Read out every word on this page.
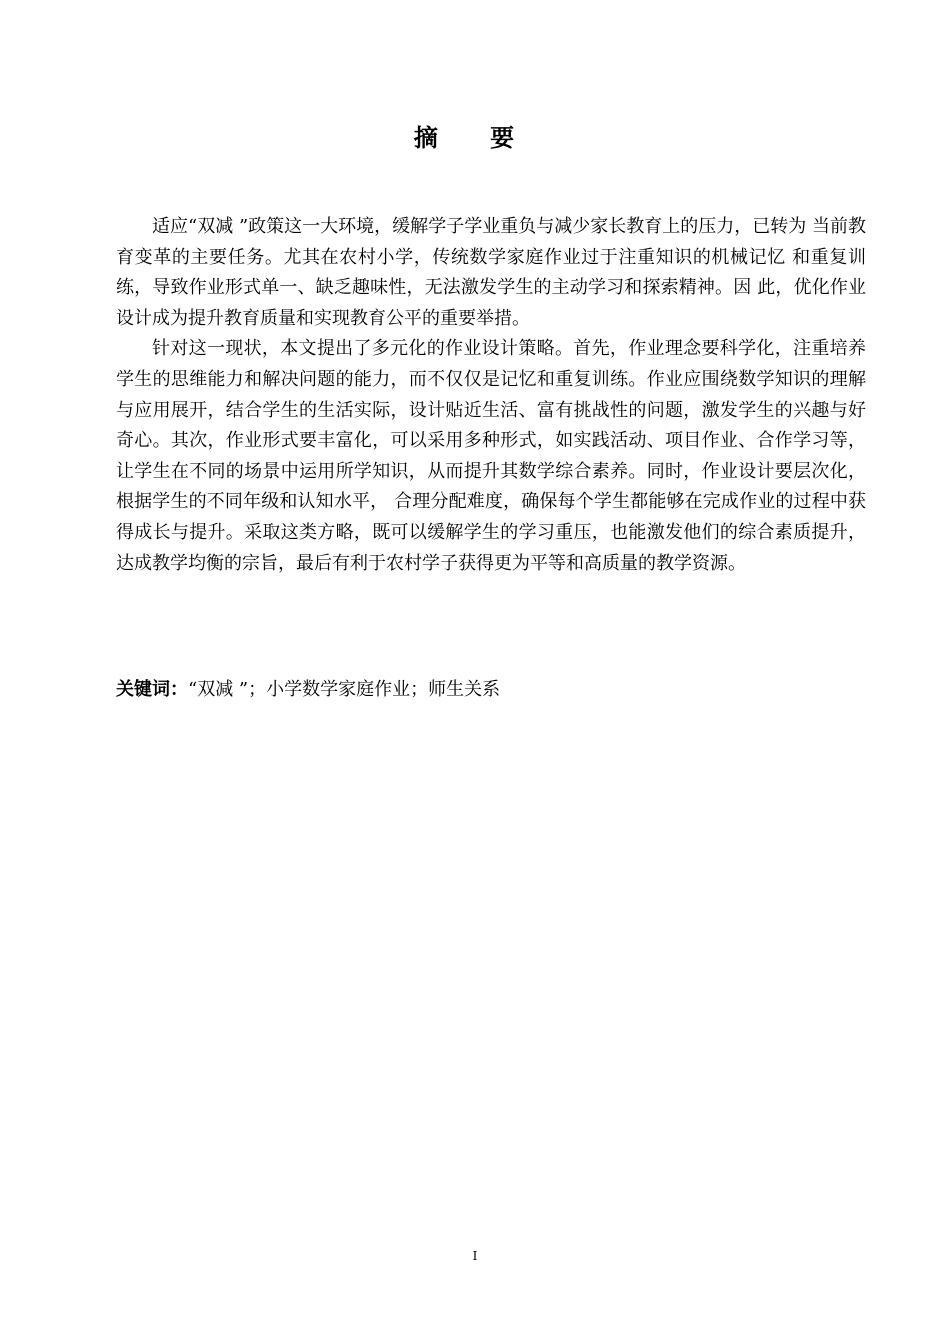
摘 要

适应“双减 ”政策这一大环境，缓解学子学业重负与减少家长教育上的压力，已转为 当前教育变革的主要任务。尤其在农村小学，传统数学家庭作业过于注重知识的机械记忆 和重复训练，导致作业形式单一、缺乏趣味性，无法激发学生的主动学习和探索精神。因 此，优化作业设计成为提升教育质量和实现教育公平的重要举措。

针对这一现状，本文提出了多元化的作业设计策略。首先，作业理念要科学化，注重培养学生的思维能力和解决问题的能力，而不仅仅是记忆和重复训练。作业应围绕数学知识的理解与应用展开，结合学生的生活实际，设计贴近生活、富有挑战性的问题，激发学生的兴趣与好奇心。其次，作业形式要丰富化，可以采用多种形式，如实践活动、项目作业、合作学习等，让学生在不同的场景中运用所学知识，从而提升其数学综合素养。同时，作业设计要层次化，根据学生的不同年级和认知水平， 合理分配难度，确保每个学生都能够在完成作业的过程中获得成长与提升。采取这类方略，既可以缓解学生的学习重压，也能激发他们的综合素质提升，达成教学均衡的宗旨，最后有利于农村学子获得更为平等和高质量的教学资源。

关键词：“双减 ”；小学数学家庭作业；师生关系
I
